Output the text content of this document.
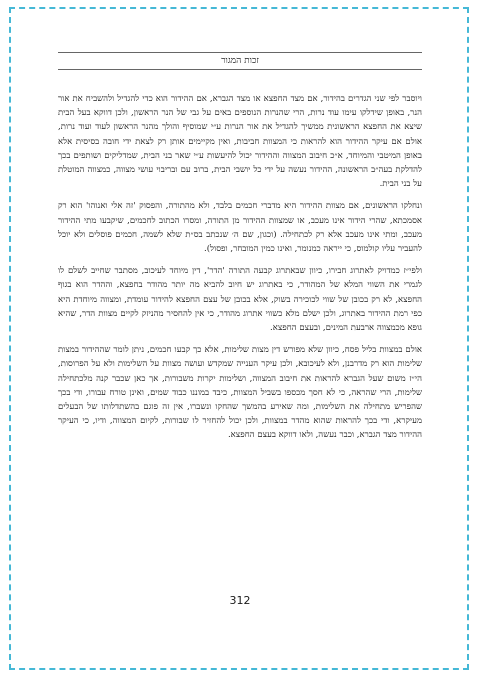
זכות המגור

ויוסבר לפי שני הגדרים בהידור, אם מצד החפצא או מצד הגברא, אם ההידור הוא כדי להגדיל ולהשביח את אור הנר, באופן שידלקו עימו עוד נרות, הרי שהנרות הנוספים באים על גבי של הנר הראשון, ולכן דווקא בעל הבית שיצא את החפצא הראשונית ממשיך להגדיל את אור הנרות ע״י שמוסיף והולך מהנר הראשון לעוד ועוד נרות, אולם אם עיקר ההידור הוא להראות כי המצוות חביבות, ואין מקיימים אותן רק לצאת ידי חובה בסיסית אלא באופן המיטבי והמיוחד, א״כ חיבוב המצווה וההידור יכול להיעשות ע״י שאר בני הבית, שמדליקים ושותפים בכך להדלקת בעה״ב הראשונה, ההידור נעשה על ידי כל יושבי הבית, ברוב עם ובריבוי עושי מצווה, כמצווה המוטלת על בני הבית.

ונחלקו הראשונים, אם מצוות ההידור היא מדברי חכמים בלבד, ולא מהתורה, והפסוק 'זה אלי ואנוהו' הוא רק אסמכתא, שהרי הידור אינו מעכב, או שמצוות ההידור מן התורה, ומסרו הכתוב לחכמים, שיקבעו מתי ההידור מעכב, ומתי אינו מעכב אלא רק לכתחילה. (וכגון, שם ה׳ שנכתב בס״ת שלא לשמה, חכמים פוסלים ולא יוכל להעביר עליו קולמוס, כי ייראה כמנומר, ואינו כמין המובחר, ופסול).

ולפי״ז כמדויק לאתרוג חבירו, כיוון שבאתרוג קבעה התורה 'הדר', דין מיוחד לעיכוב, מסתבר שחייב לשלם לו לגמרי את השווי המלא של המהודר, כי באתרוג יש חיוב להביא מה יותר מהודר בחפצא, וההדר הוא בגוף החפצא, לא רק בכובן של שווי לכוכירה בשוק, אלא בכובן של עצם החפצא להידור עומדת, ומצווה מיוחדת היא כפי רמת ההידור באתרוג, ולכן ישלם מלא כשווי אתרוג מהודר, כי אין להחסיר מהניזק לקיים מצוות הדר, שהיא גופא מכמצווה ארבעת המינים, ובעצם החפצא.

אולם במצוות בליל פסח, כיוון שלא מפורש דין מצות שלימות, אלא כך קבעו חכמים, ניתן לומר שההידור במצות שלימות הוא רק מדרבנן, ולא לעיכובא, ולכן עיקר הענייה שמקדש ועושה מצוות על השלימות ולא על הפרוסות, הי״ז משום שעל הגברא להראות את חיבוב המצווה, ושלימות יקרות משבורות, אך כאן שכבר קנה מלכתחילה שלימות, הרי שהראה, כי לא חסך מכספו בשביל המצוות, כיבד במוננו כבוד שמים, ואינן טורח עבורו, ודי בכך שהפריש מתחילה את השלימות, ומה שאירע בהמשך שהחקו ונשברו, אין זה פוגם בהשתדלותו של הבעלים מעיקרא, ודי בכך להראות שהוא מהדר במצוות, ולכן יכול להחזיר לו שבורות, לקיום המצווה, ודיו, כי העיקר ההידור מצד הגברא, וכבר נעשה, ולאו דווקא בעצם החפצא.

312
